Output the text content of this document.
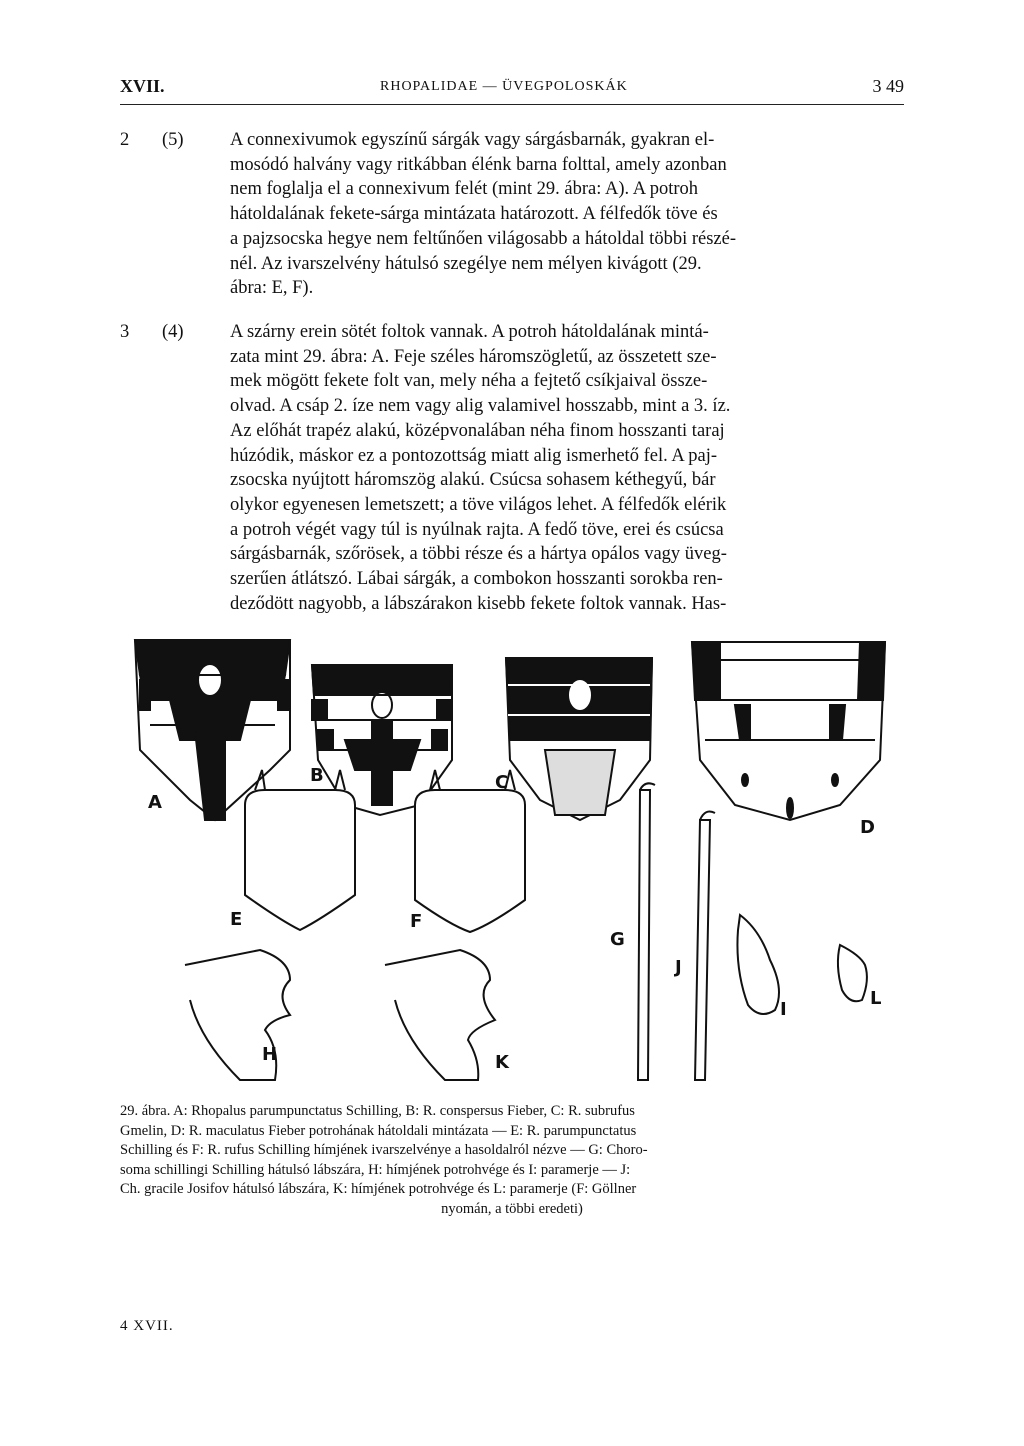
XVII.	RHOPALIDAE — ÜVEGPOLOSKÁK	3 49
2 (5)	A connexivumok egyszínű sárgák vagy sárgásbarnák, gyakran el-
mosódó halvány vagy ritkábban élénk barna folttal, amely azonban
nem foglalja el a connexivum felét (mint 29. ábra: A). A potroh
hátoldalának fekete-sárga mintázata határozott. A félfedők töve és
a pajzsocska hegye nem feltűnően világosabb a hátoldal többi részé-
nél. Az ivarszelvény hátulsó szegélye nem mélyen kivágott (29.
ábra: E, F).
3 (4)	A szárny erein sötét foltok vannak. A potroh hátoldalának mintá-
zata mint 29. ábra: A. Feje széles háromszögletű, az összetett sze-
mek mögött fekete folt van, mely néha a fejtető csíkjaival össze-
olvad. A csáp 2. íze nem vagy alig valamivel hosszabb, mint a 3. íz.
Az előhát trapéz alakú, középvonalában néha finom hosszanti taraj
húzódik, máskor ez a pontozottság miatt alig ismerhető fel. A paj-
zsocska nyújtott háromszög alakú. Csúcsa sohasem kéthegyű, bár
olykor egyenesen lemetszett; a töve világos lehet. A félfedők elérik
a potroh végét vagy túl is nyúlnak rajta. A fedő töve, erei és csúcsa
sárgásbarnák, szőrösek, a többi része és a hártya opálos vagy üveg-
szerűen átlátszó. Lábai sárgák, a combokon hosszanti sorokba ren-
deződött nagyobb, a lábszárakon kisebb fekete foltok vannak. Has-
A
B	C
D
E	F
G
H
I
J
K
L
29. ábra. A: Rhopalus parumpunctatus Schilling, B: R. conspersus Fieber, C: R. subrufus
Gmelin, D: R. maculatus Fieber potrohának hátoldali mintázata — E: R. parumpunctatus
Schilling és F: R. rufus Schilling hímjének ivarszelvénye a hasoldalról nézve — G: Choro-
soma schillingi Schilling hátulsó lábszára, H: hímjének potrohvége és I: paramerje — J:
Ch. gracile Josifov hátulsó lábszára, K: hímjének potrohvége és L: paramerje (F: Göllner
nyomán, a többi eredeti)
4 XVII.
